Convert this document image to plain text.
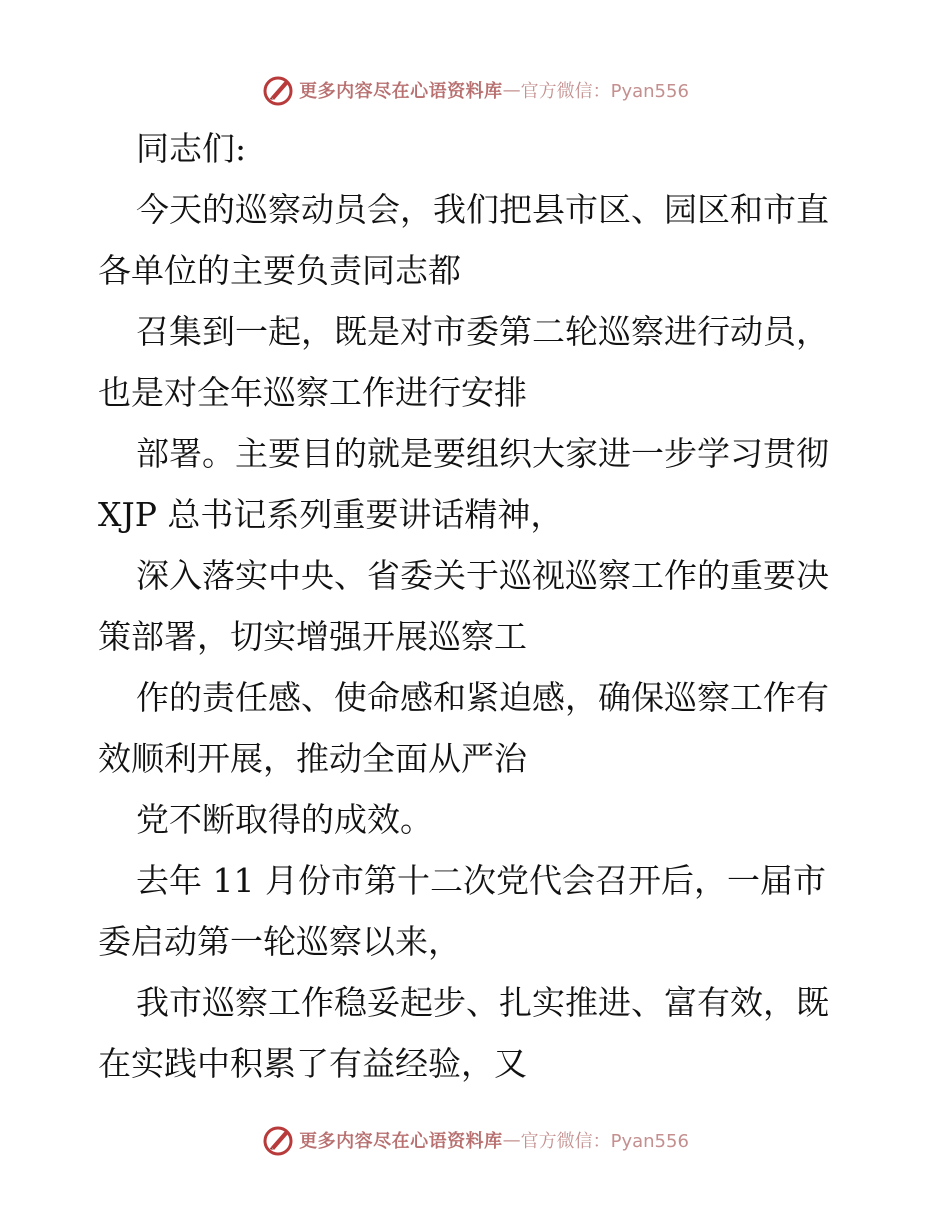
更多内容尽在心语资料库 — 官方微信：Pyan556
同志们:
今天的巡察动员会，我们把县市区、园区和市直
各单位的主要负责同志都
召集到一起，既是对市委第二轮巡察进行动员，
也是对全年巡察工作进行安排
部署。主要目的就是要组织大家进一步学习贯彻
XJP 总书记系列重要讲话精神，
深入落实中央、省委关于巡视巡察工作的重要决
策部署，切实增强开展巡察工
作的责任感、使命感和紧迫感，确保巡察工作有
效顺利开展，推动全面从严治
党不断取得的成效。
去年 11 月份市第十二次党代会召开后，一届市
委启动第一轮巡察以来，
我市巡察工作稳妥起步、扎实推进、富有效，既
在实践中积累了有益经验，又
更多内容尽在心语资料库 — 官方微信：Pyan556
